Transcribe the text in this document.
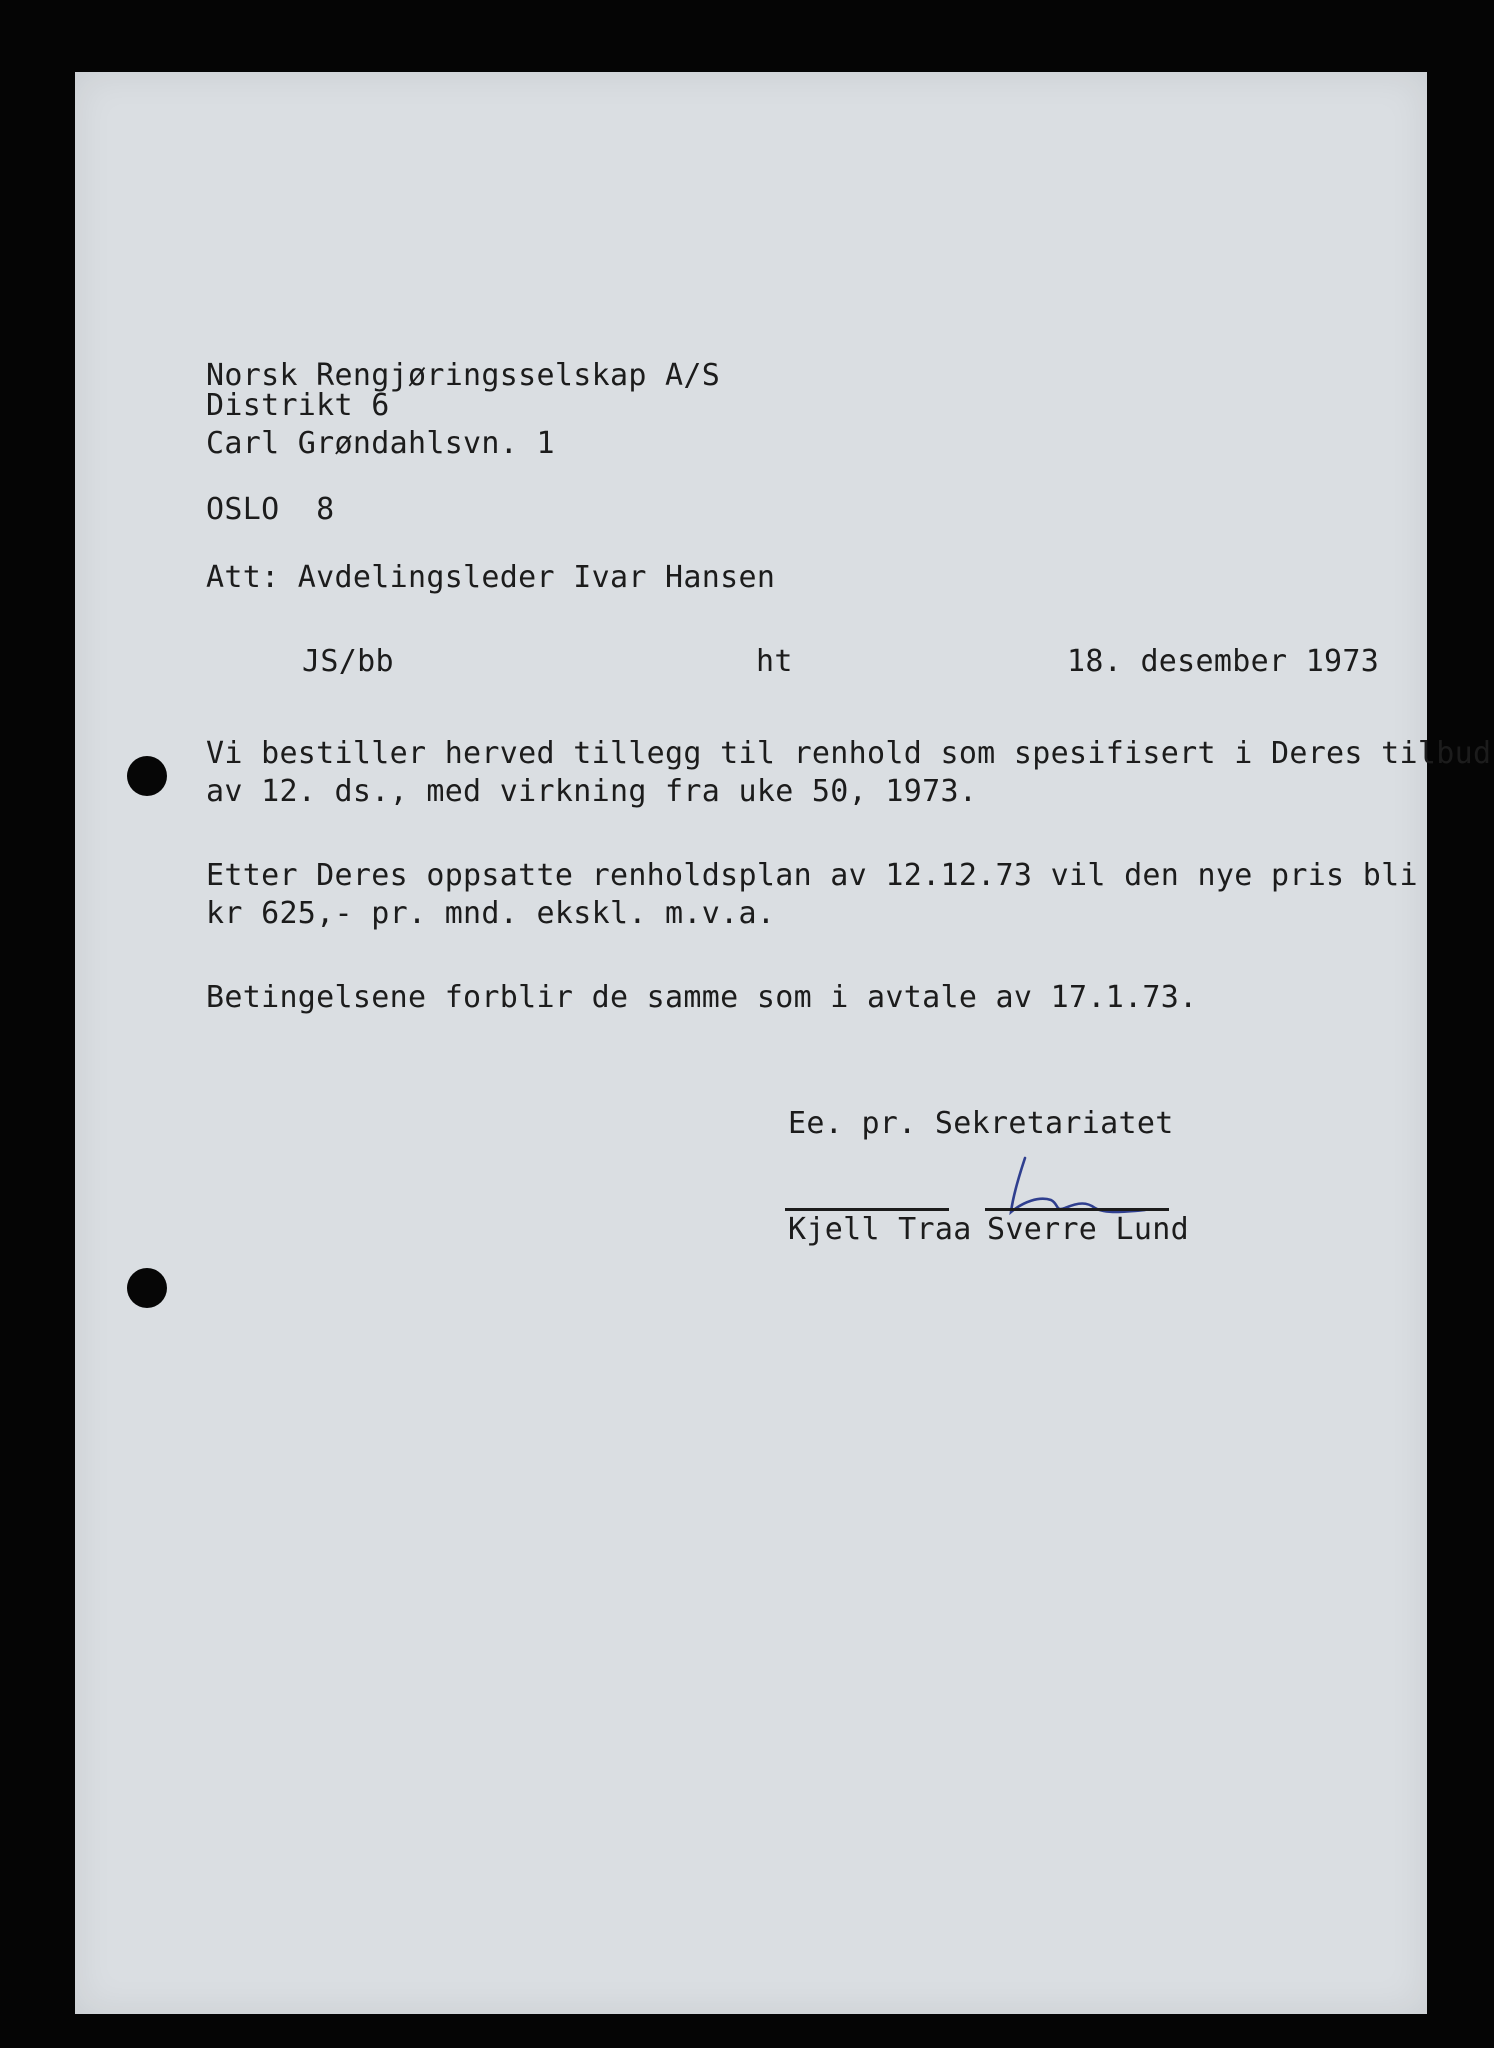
Norsk Rengjøringsselskap A/S
Distrikt 6
Carl Grøndahlsvn. 1
OSLO  8
Att: Avdelingsleder Ivar Hansen
JS/bb	ht	18. desember 1973
Vi bestiller herved tillegg til renhold som spesifisert i Deres tilbud
av 12. ds., med virkning fra uke 50, 1973.
Etter Deres oppsatte renholdsplan av 12.12.73 vil den nye pris bli
kr 625,- pr. mnd. ekskl. m.v.a.
Betingelsene forblir de samme som i avtale av 17.1.73.
Ee. pr. Sekretariatet
Kjell Traa Sverre Lund
